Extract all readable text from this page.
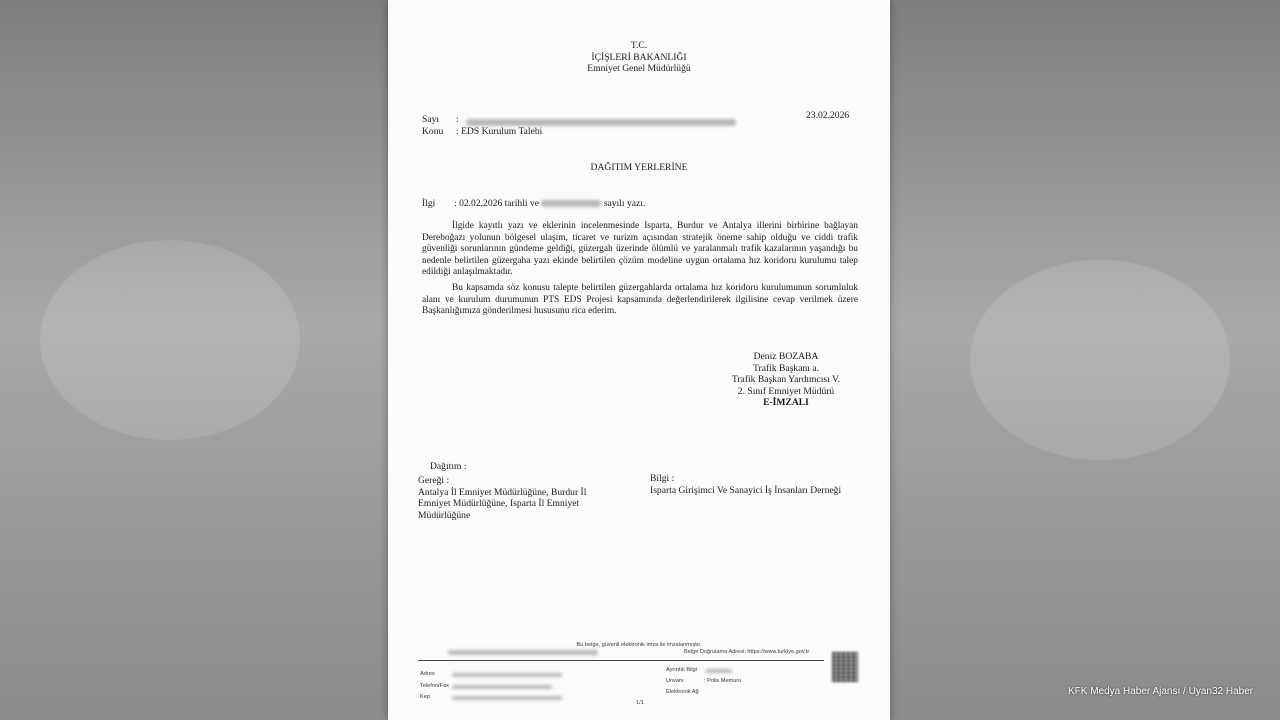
T.C.
İÇİŞLERİ BAKANLIĞI
Emniyet Genel Müdürlüğü
Sayı :	23.02.2026
Konu : EDS Kurulum Talebi
DAĞITIM YERLERİNE
İlgi : 02.02.2026 tarihli ve	sayılı yazı.
İlgide kayıtlı yazı ve eklerinin incelenmesinde Isparta, Burdur ve Antalya illerini birbirine bağlayan Dereboğazı yolunun bölgesel ulaşım, ticaret ve turizm açısından stratejik öneme sahip olduğu ve ciddi trafik güvenliği sorunlarının gündeme geldiği, güzergah üzerinde ölümlü ve yaralanmalı trafik kazalarının yaşandığı bu nedenle belirtilen güzergaha yazı ekinde belirtilen çözüm modeline uygun ortalama hız koridoru kurulumu talep edildiği anlaşılmaktadır.
Bu kapsamda söz konusu talepte belirtilen güzergahlarda ortalama hız koridoru kurulumunun sorumluluk alanı ve kurulum durumunun PTS EDS Projesi kapsamında değerlendirilerek ilgilisine cevap verilmek üzere Başkanlığımıza gönderilmesi hususunu rica ederim.
Deniz BOZABA
Trafik Başkanı a.
Trafik Başkan Yardımcısı V.
2. Sınıf Emniyet Müdürü
E-İMZALI
Dağıtım :
Gereği :
Antalya İl Emniyet Müdürlüğüne, Burdur İl
Emniyet Müdürlüğüne, Isparta İl Emniyet
Müdürlüğüne
Bilgi :
Isparta Girişimci Ve Sanayici İş İnsanları Derneği
Bu belge, güvenli elektronik imza ile imzalanmıştır.
Belge Doğrulama Adresi: https://www.turkiye.gov.tr
Adres
Telefon/Fax
Kep
Ayrıntılı Bilgi
Unvanı	: Polis Memuru
Elektronik Ağ
1/1
KFK Medya Haber Ajansı / Uyan32 Haber
